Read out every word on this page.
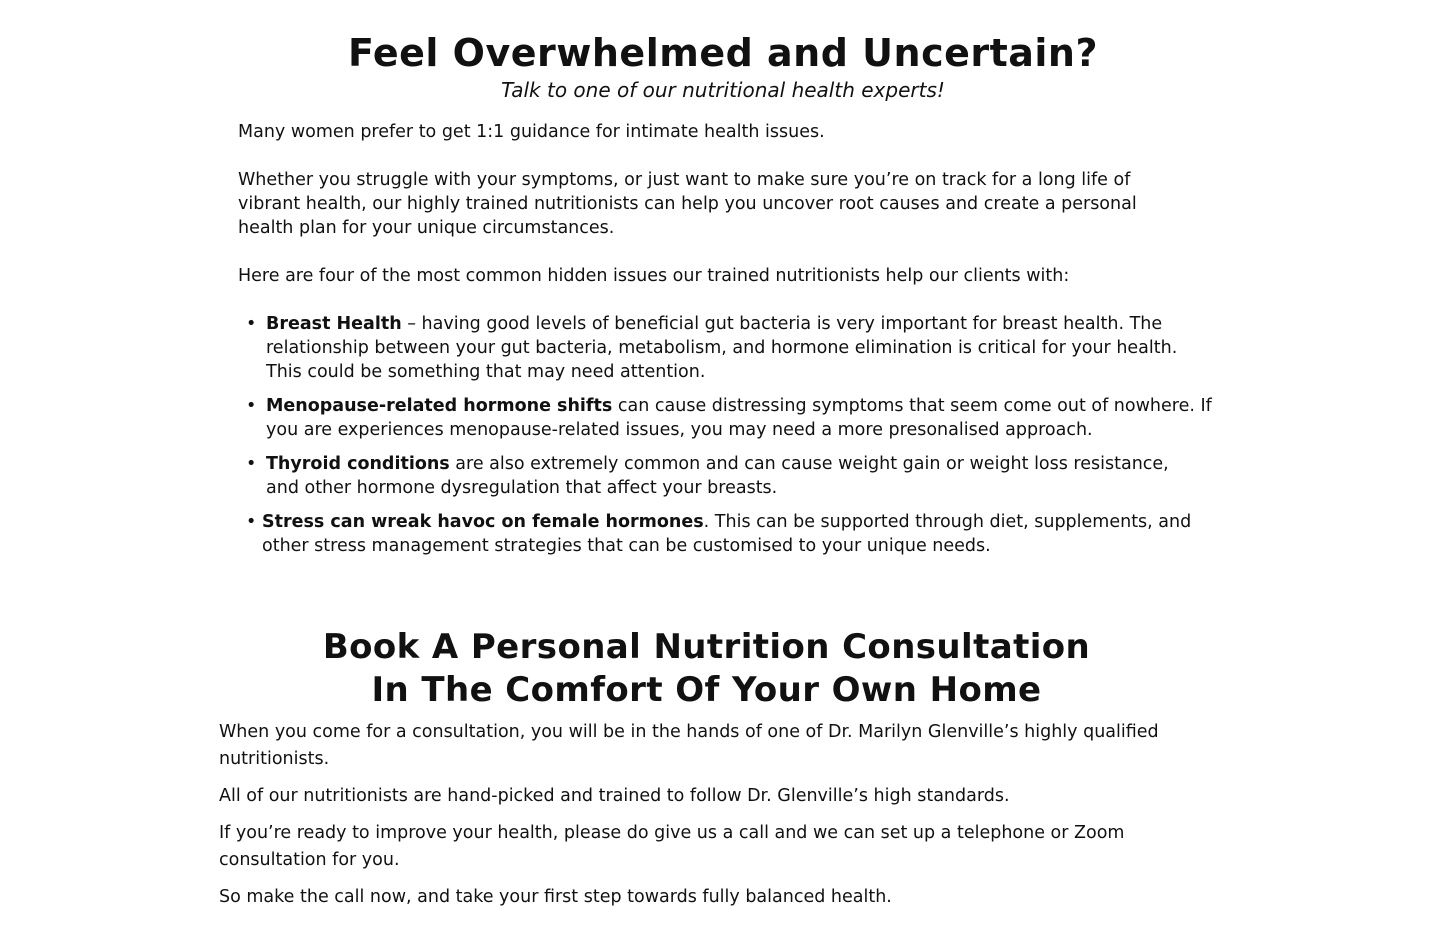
Feel Overwhelmed and Uncertain?

Talk to one of our nutritional health experts!

Many women prefer to get 1:1 guidance for intimate health issues.

Whether you struggle with your symptoms, or just want to make sure you’re on track for a long life of vibrant health, our highly trained nutritionists can help you uncover root causes and create a personal health plan for your unique circumstances.

Here are four of the most common hidden issues our trained nutritionists help our clients with:

• Breast Health – having good levels of beneficial gut bacteria is very important for breast health. The relationship between your gut bacteria, metabolism, and hormone elimination is critical for your health. This could be something that may need attention.

• Menopause-related hormone shifts can cause distressing symptoms that seem come out of nowhere. If you are experiences menopause-related issues, you may need a more presonalised approach.

• Thyroid conditions are also extremely common and can cause weight gain or weight loss resistance, and other hormone dysregulation that affect your breasts.

• Stress can wreak havoc on female hormones. This can be supported through diet, supplements, and other stress management strategies that can be customised to your unique needs.

Book A Personal Nutrition Consultation
In The Comfort Of Your Own Home

When you come for a consultation, you will be in the hands of one of Dr. Marilyn Glenville’s highly qualified nutritionists.

All of our nutritionists are hand-picked and trained to follow Dr. Glenville’s high standards.

If you’re ready to improve your health, please do give us a call and we can set up a telephone or Zoom consultation for you.

So make the call now, and take your first step towards fully balanced health.
